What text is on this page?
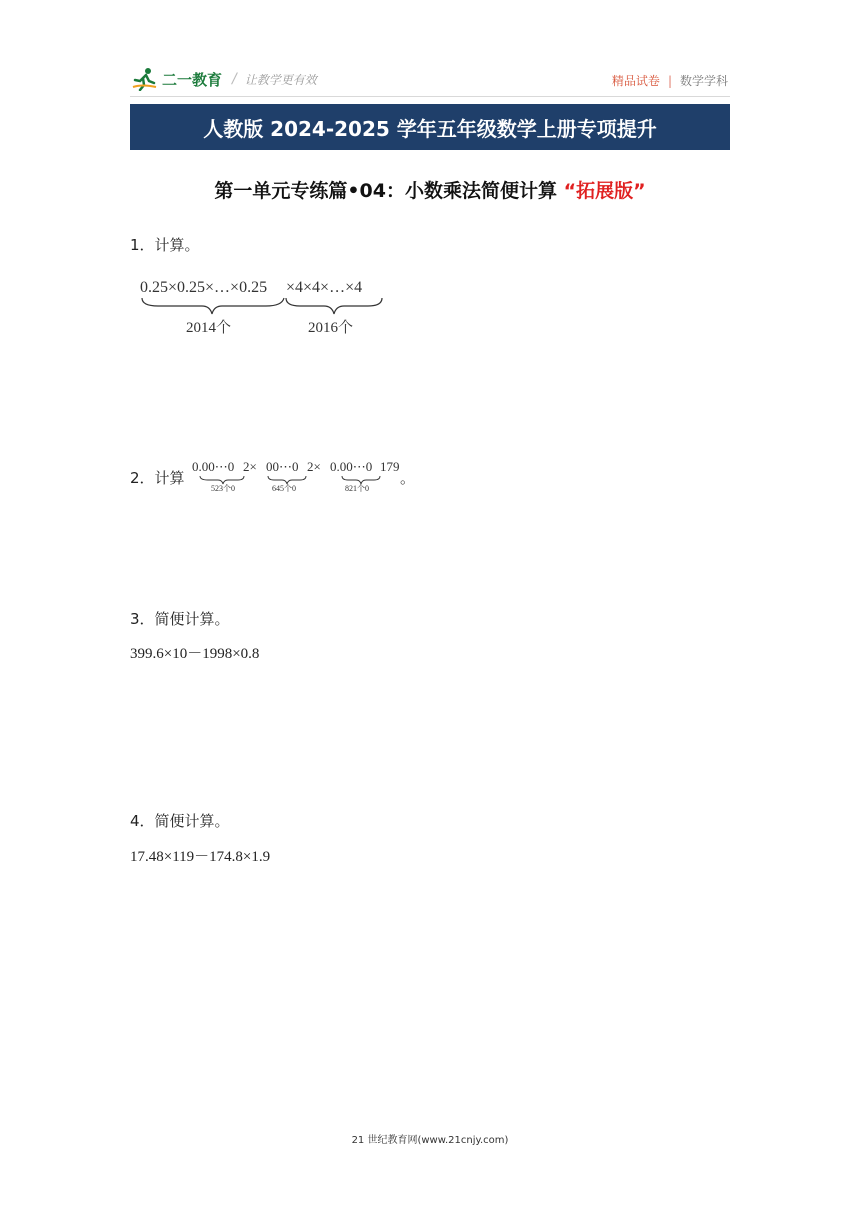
二一教育 / 让教学更有效	精品试卷 | 数学学科
人教版 2024-2025 学年五年级数学上册专项提升
第一单元专练篇•04：小数乘法简便计算 “拓展版”
1．计算。
0.25×0.25×…×0.25 ×4×4×…×4
2014个	2016个
2．计算
0.00⋯0 2× 00⋯0 2× 0.00⋯0 179
523个0	645个0	821个0
。
3．简便计算。
399.6×10－1998×0.8
4．简便计算。
17.48×119－174.8×1.9
21 世纪教育网(www.21cnjy.com)
